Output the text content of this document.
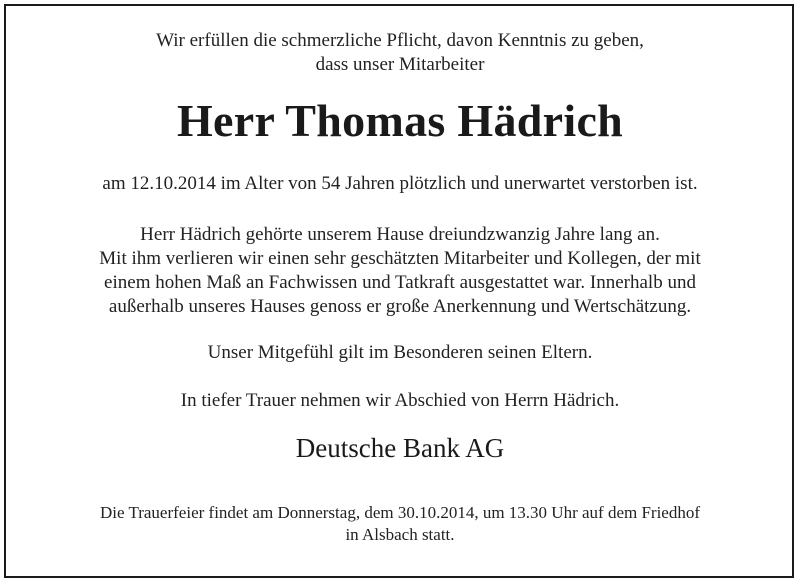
Wir erfüllen die schmerzliche Pflicht, davon Kenntnis zu geben,

dass unser Mitarbeiter

Herr Thomas Hädrich

am 12.10.2014 im Alter von 54 Jahren plötzlich und unerwartet verstorben ist.

Herr Hädrich gehörte unserem Hause dreiundzwanzig Jahre lang an.

Mit ihm verlieren wir einen sehr geschätzten Mitarbeiter und Kollegen, der mit

einem hohen Maß an Fachwissen und Tatkraft ausgestattet war. Innerhalb und

außerhalb unseres Hauses genoss er große Anerkennung und Wertschätzung.

Unser Mitgefühl gilt im Besonderen seinen Eltern.

In tiefer Trauer nehmen wir Abschied von Herrn Hädrich.

Deutsche Bank AG

Die Trauerfeier findet am Donnerstag, dem 30.10.2014, um 13.30 Uhr auf dem Friedhof

in Alsbach statt.
